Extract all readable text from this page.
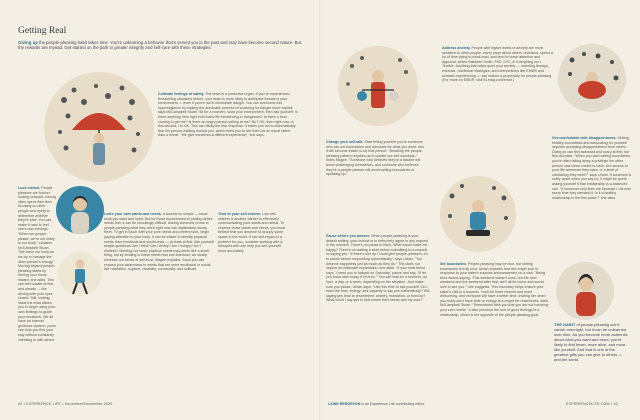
Getting Real
Giving up the people-pleasing habit takes time. You're unlearning a behavior that's served you in the past and may have become second nature. But the rewards are myriad. Get started on the path to greater integrity and self-care with these strategies:
Cultivate feelings of safety. The brain is a predictive organ. If you've experienced threatening situations before, your brain is more likely to anticipate threats in your environment — even if you're not in immediate danger. You can overcome this hypervigilance by making the automatic process of scanning for danger more explicit, says McCampbell Stuart. Sit for a moment, scan your environment, then ask yourself: Is there anything here right now that's life threatening or dangerous? Is there a bear coming to get me? Is there an angry person yelling at me? No? OK, then right now, in this second, I'm OK. This can delay the fear response. It trains you not to automatically fear the person walking toward you, which frees you to see them as an equal rather than a threat. "We give ourselves a different experience," she says.
Look inward. People pleasers are forever looking outward, having often spent their lives focusing on other people and trying to determine whether they're safe. You can make it hard to feel one's own feelings. "When we people-please, we're not really in our body," explains McCampbell Stuart. "We leave our body as we try to manage the other person's energy." Moving beyond people-pleasing starts by turning your focus inward, she adds. This can feel unsafe at first, and unsafe — like driving with your eyes closed. Still, looking inward is what allows you to begin using your own feelings to guide your decisions. We all have an internal guidance system; yours can help you find your way without constantly checking in with others.
Learn your own wants and needs. It sounds so simple — know what you want and need. But for those accustomed to putting others' needs first, it can be shockingly difficult. Asking someone prone to people-pleasing what they need right now can legitimately stump them. To get in touch with your core needs and preferences, begin paying attention to your body. It can be easier to identify physical needs than emotional and social ones — at least at first. Ask yourself simple questions: Am I tired? Am I thirsty? Am I hungry? Am I restless? Meeting our basic physical needs may seem like a small thing, but by tending to these needs first and foremost, we slowly increase our sense of self-trust, Magee explains. Soon you can expand your awareness to needs that are more emotional or social, like relaxation, support, creativity, community, and solitude.
Tend to your self-esteem. Low self-esteem is another barrier to effectively communicating your wants and needs. To express those wants and needs, you must believe that you deserve to occupy some space in the world. If low self-regard is a problem for you, consider working with a therapist who can help you see yourself more accurately.
42 • EXPERIENCE LIFE • November/December 2025
Change your self-talk. Start telling yourself you're someone who can set boundaries and advocate for what you want, and it will become easier to be that person. "Breaking the people-pleasing pattern requires us to update our self-concepts," notes Magee. "Someone who believes they're a slacker will avoid challenging themselves, and someone who believes they're a people pleaser will avoid setting boundaries or speaking up."
Pause before you answer. When people-pleasing is your default setting, your instinct is to reflexively agree to any request in the moment. There's no pause to think, What would make me happy? There's no waiting a beat before submitting to a request or saying yes. "If there's one tip I could give people-pleasers, it's to pause before responding automatically," says Urban. "You deserve happiness just as much as they do." This does not require an elaborate explanation, she adds. "If your best friend says, 'I need you to babysit on Saturday,' pause and say, 'I'll let you know later today if I'm free.'" You can wait for a moment, an hour, a day, or a week, depending on the situation. Just make sure you pause, Urban says. "Use this time to ask yourself, Do I have the time, energy, and capacity to say yes authentically? Will saying yes lead to resentment, anxiety, frustration, or burnout? What could I say yes to that meets their needs and my own?"
Address anxiety. People with higher levels of anxiety are more sensitive to other people, worry more about others' reactions, spend a lot of time trying to mind-read, and tend to crave attention and approval, writes Kathleen Smith, PhD, LPC, in Everything Isn't Terrible. Anything that helps quiet your anxiety — including therapy, exercise, nutritional strategies, and interventions like EMDR and somatic experiencing — can reduce a propensity for people-pleasing. (For more on EMDR, visit ELmag.com/emdr.)
Set boundaries. People-pleasing may be nice, but setting boundaries is truly kind, Urban explains how this might look in response to your sister's surprise announcement on a visit. "Being kind means saying, 'This weekend doesn't work, but the next weekend and the weekend after that, we'll all be home and would love to see you,'" she suggests. This boundary helps ensure your sister's visit is a success. You'll be more relaxed and more welcoming, and everyone will have a better time. Inviting her when you really don't have time or energy is a recipe for resentment, adds McCampbell Stuart. "Resentment tells you that you are not honoring your own needs." It also prevents the sort of good feelings in a relationship, which is the opposite of the people-pleasing goal.
Get comfortable with disappointment. Setting healthy boundaries and advocating for yourself requires accepting disappointment from others. Doing so can feel awkward and scary at first, but this will pass. "When you start setting boundaries, you're often taking away a privilege the other person was never meant to have. Are access to your life whenever they want, or a level of caretaking they need?" says Urban. If someone is really upset when you say no, it might be worth asking yourself if that relationship is a balanced one. "If someone only likes me because I roll over every time they demand it, is it a healthy relationship in the first place?" she asks.
THE HABIT of people-pleasing won't vanish overnight, but it can be unlearned over time. As you become more authentic about what you want and need, you're likely to find fewer, more alive, and more-like yourself. And that is one of the greatest gifts you can give to others — and the world.
LAINE BERGESON is an Experience Life contributing editor.	EXPERIENCELIFE.COM • 43
